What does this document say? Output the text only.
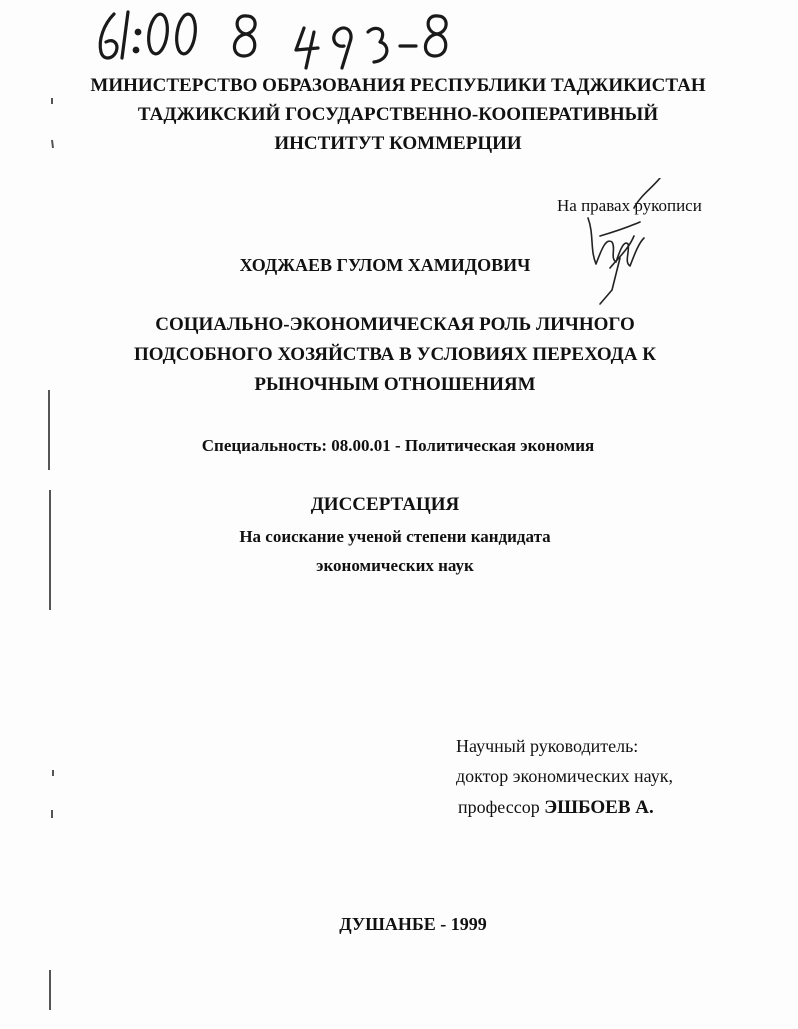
МИНИСТЕРСТВО ОБРАЗОВАНИЯ РЕСПУБЛИКИ ТАДЖИКИСТАН
ТАДЖИКСКИЙ ГОСУДАРСТВЕННО-КООПЕРАТИВНЫЙ
ИНСТИТУТ КОММЕРЦИИ
На правах рукописи
ХОДЖАЕВ ГУЛОМ ХАМИДОВИЧ
СОЦИАЛЬНО-ЭКОНОМИЧЕСКАЯ РОЛЬ ЛИЧНОГО
ПОДСОБНОГО ХОЗЯЙСТВА В УСЛОВИЯХ ПЕРЕХОДА К
РЫНОЧНЫМ ОТНОШЕНИЯМ
Специальность: 08.00.01 - Политическая экономия
ДИССЕРТАЦИЯ
На соискание ученой степени кандидата
экономических наук
Научный руководитель:
доктор экономических наук,
профессор ЭШБОЕВ А.
ДУШАНБЕ - 1999
